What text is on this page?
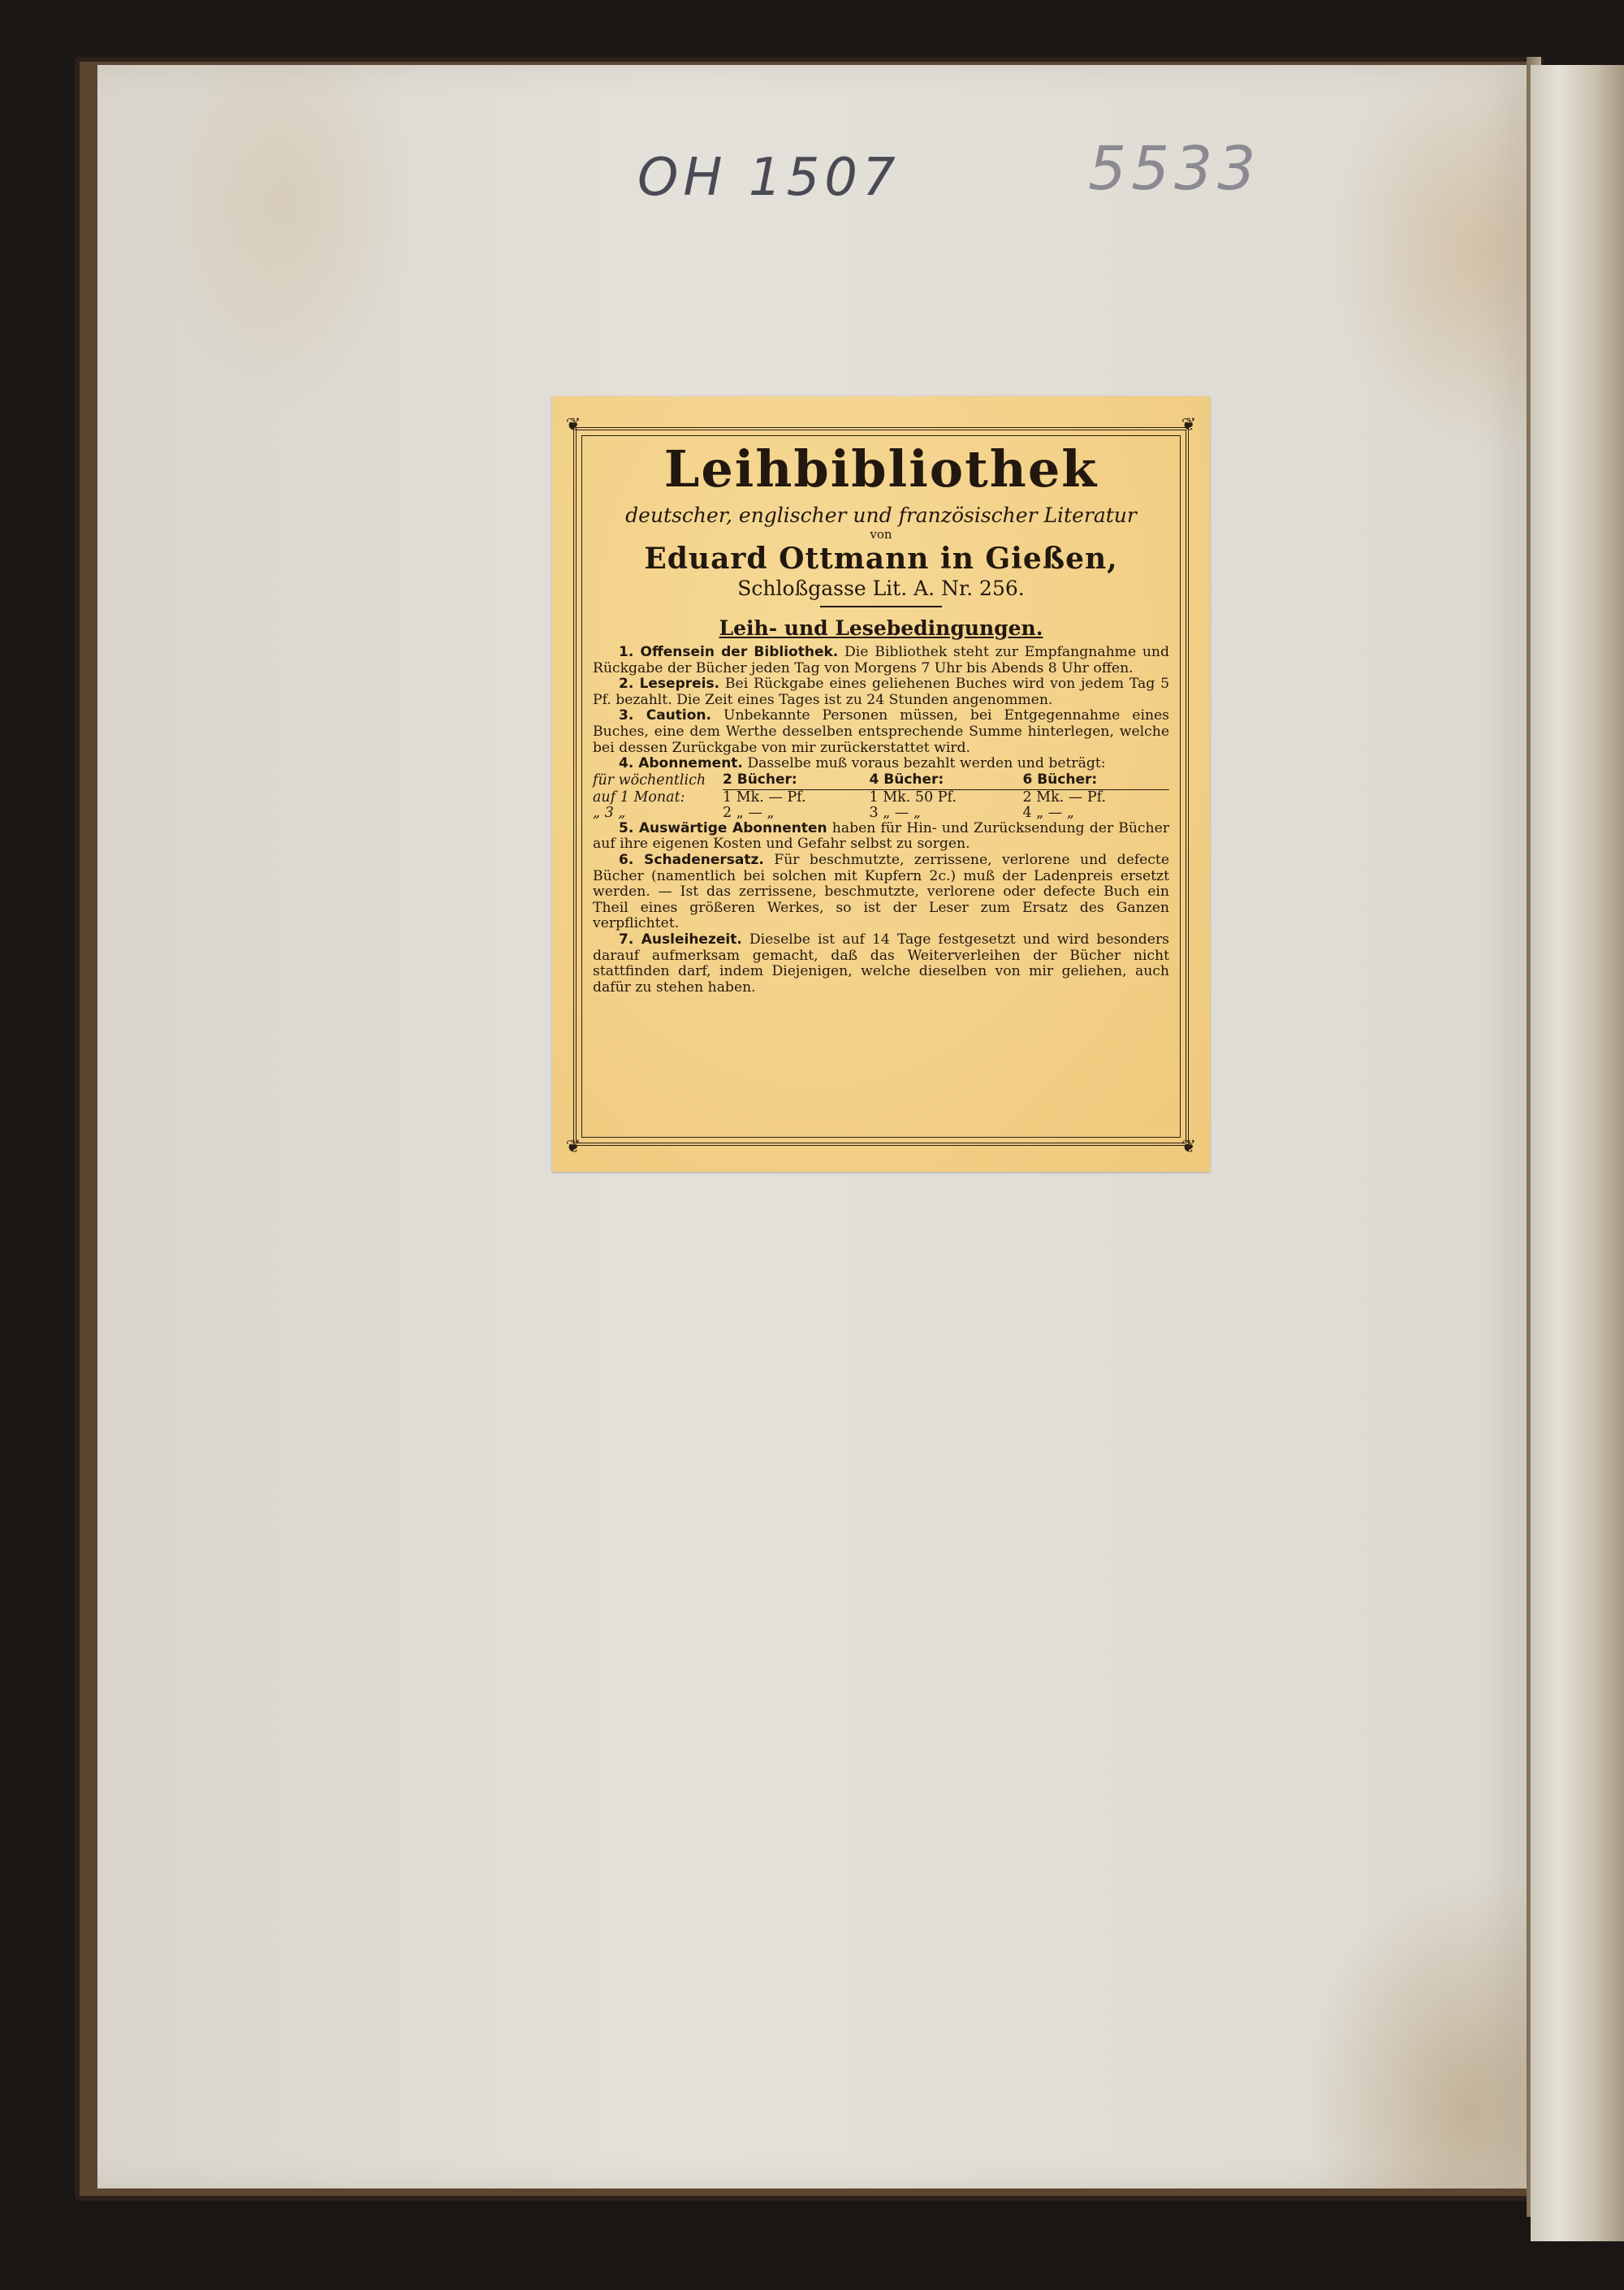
OH 1507	5533
❦	❦
❦	❦

Leihbibliothek

deutscher, englischer und französischer Literatur

von

Eduard Ottmann in Gießen,

Schloßgasse Lit. A. Nr. 256.

Leih- und Lesebedingungen.

1. Offensein der Bibliothek. Die Bibliothek steht zur Empfangnahme und Rückgabe der Bücher jeden Tag von Morgens 7 Uhr bis Abends 8 Uhr offen.

2. Lesepreis. Bei Rückgabe eines geliehenen Buches wird von jedem Tag 5 Pf. bezahlt. Die Zeit eines Tages ist zu 24 Stunden angenommen.

3. Caution. Unbekannte Personen müssen, bei Entgegennahme eines Buches, eine dem Werthe desselben entsprechende Summe hinterlegen, welche bei dessen Zurückgabe von mir zurückerstattet wird.

4. Abonnement. Dasselbe muß voraus bezahlt werden und beträgt:

für wöchentlich	2 Bücher:	4 Bücher:	6 Bücher:
auf 1 Monat:	1 Mk. — Pf.	1 Mk. 50 Pf.	2 Mk. — Pf.
„ 3 „	2 „ — „	3 „ — „	4 „ — „

5. Auswärtige Abonnenten haben für Hin- und Zurücksendung der Bücher auf ihre eigenen Kosten und Gefahr selbst zu sorgen.

6. Schadenersatz. Für beschmutzte, zerrissene, verlorene und defecte Bücher (namentlich bei solchen mit Kupfern 2c.) muß der Ladenpreis ersetzt werden. — Ist das zerrissene, beschmutzte, verlorene oder defecte Buch ein Theil eines größeren Werkes, so ist der Leser zum Ersatz des Ganzen verpflichtet.

7. Ausleihezeit. Dieselbe ist auf 14 Tage festgesetzt und wird besonders darauf aufmerksam gemacht, daß das Weiterverleihen der Bücher nicht stattfinden darf, indem Diejenigen, welche dieselben von mir geliehen, auch dafür zu stehen haben.
